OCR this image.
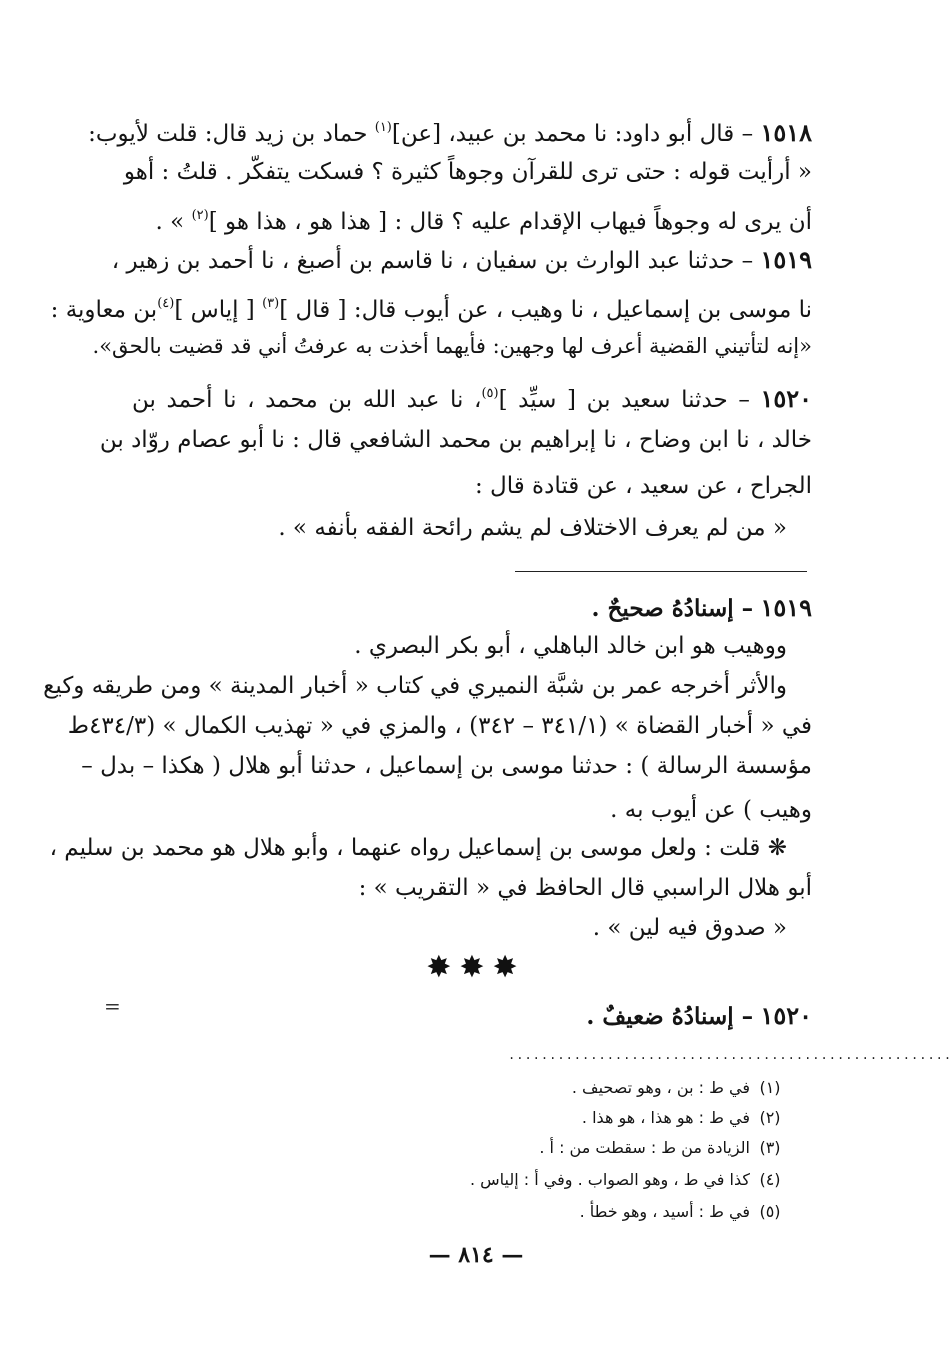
١٥١٨ – قال أبو داود: نا محمد بن عبيد، [عن]$^{(١)}$ حماد بن زيد قال: قلت لأيوب:
« أرأيت قوله : حتى ترى للقرآن وجوهاً كثيرة ؟ فسكت يتفكّر . قلتُ : أهو
أن يرى له وجوهاً فيهاب الإقدام عليه ؟ قال : [ هذا هو ، هذا هو ]$^{(٢)}$ » .
١٥١٩ – حدثنا عبد الوارث بن سفيان ، نا قاسم بن أصبغ ، نا أحمد بن زهير ،
نا موسى بن إسماعيل ، نا وهيب ، عن أيوب قال: [ قال ]$^{(٣)}$ [ إياس ]$^{(٤)}$بن معاوية :
«إنه لتأتيني القضية أعرف لها وجهين: فأيهما أخذت به عرفتُ أني قد قضيت بالحق».
١٥٢٠ – حدثنا سعيد بن [ سيِّد ]$^{(٥)}$، نا عبد الله بن محمد ، نا أحمد بن
خالد ، نا ابن وضاح ، نا إبراهيم بن محمد الشافعي قال : نا أبو عصام روّاد بن
الجراح ، عن سعيد ، عن قتادة قال :
« من لم يعرف الاختلاف لم يشم رائحة الفقه بأنفه » .
١٥١٩ – إسنادُهُ صحيحٌ .
ووهيب هو ابن خالد الباهلي ، أبو بكر البصري .
والأثر أخرجه عمر بن شبَّة النميري في كتاب « أخبار المدينة » ومن طريقه وكيع
في « أخبار القضاة » (٣٤١/١ – ٣٤٢) ، والمزي في « تهذيب الكمال » (٤٣٤/٣ط
مؤسسة الرسالة ) : حدثنا موسى بن إسماعيل ، حدثنا أبو هلال ( هكذا – بدل –
وهيب ) عن أيوب به .
❋ قلت : ولعل موسى بن إسماعيل رواه عنهما ، وأبو هلال هو محمد بن سليم ،
أبو هلال الراسبي قال الحافظ في « التقريب » :
« صدوق فيه لين » .
✸✸✸
=	١٥٢٠ – إسنادُهُ ضعيفٌ .
......................................................
(١)في ط : بن ، وهو تصحيف .
(٢)في ط : هو هذا ، هو هذا .
(٣)الزيادة من ط : سقطت من : أ .
(٤)كذا في ط ، وهو الصواب . وفي أ : إلياس .
(٥)في ط : أسيد ، وهو خطأ .
— ٨١٤ —
